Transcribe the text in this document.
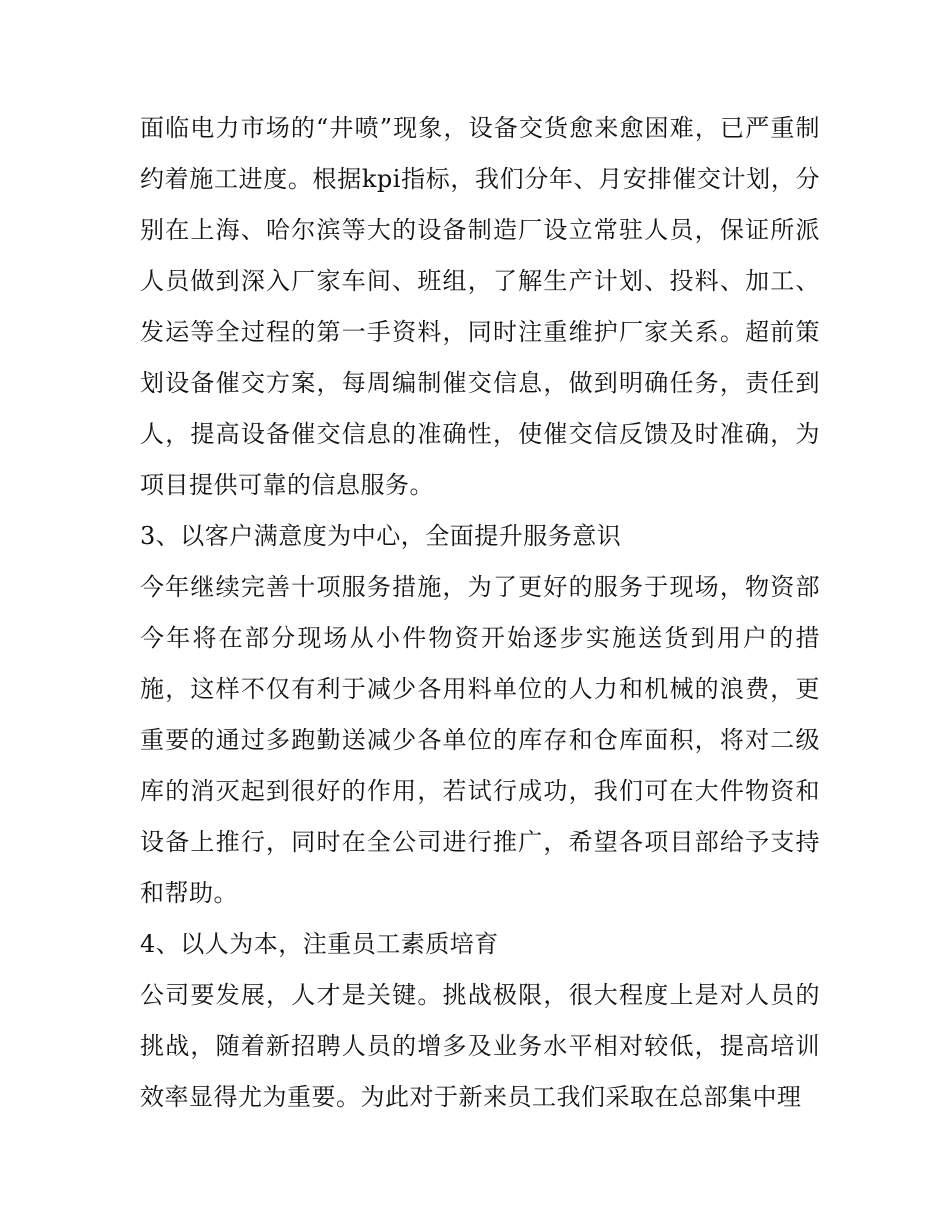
面临电力市场的“井喷”现象，设备交货愈来愈困难，已严重制约着施工进度。根据kpi指标，我们分年、月安排催交计划，分别在上海、哈尔滨等大的设备制造厂设立常驻人员，保证所派人员做到深入厂家车间、班组，了解生产计划、投料、加工、发运等全过程的第一手资料，同时注重维护厂家关系。超前策划设备催交方案，每周编制催交信息，做到明确任务，责任到人，提高设备催交信息的准确性，使催交信反馈及时准确，为项目提供可靠的信息服务。

3、以客户满意度为中心，全面提升服务意识

今年继续完善十项服务措施，为了更好的服务于现场，物资部今年将在部分现场从小件物资开始逐步实施送货到用户的措施，这样不仅有利于减少各用料单位的人力和机械的浪费，更重要的通过多跑勤送减少各单位的库存和仓库面积，将对二级库的消灭起到很好的作用，若试行成功，我们可在大件物资和设备上推行，同时在全公司进行推广，希望各项目部给予支持和帮助。

4、以人为本，注重员工素质培育

公司要发展，人才是关键。挑战极限，很大程度上是对人员的挑战，随着新招聘人员的增多及业务水平相对较低，提高培训效率显得尤为重要。为此对于新来员工我们采取在总部集中理
